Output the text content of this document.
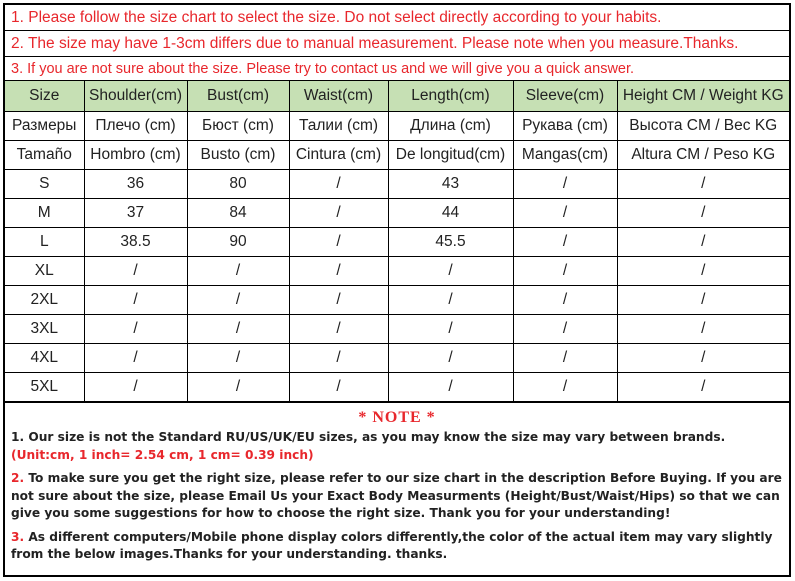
1. Please follow the size chart to select the size. Do not select directly according to your habits.
2. The size may have 1-3cm differs due to manual measurement. Please note when you measure.Thanks.
3. If you are not sure about the size. Please try to contact us and we will give you a quick answer.
Size	Shoulder(cm)	Bust(cm)	Waist(cm)	Length(cm)	Sleeve(cm)	Height CM / Weight KG
Размеры	Плечо (cm)	Бюст (cm)	Талии (cm)	Длина (cm)	Рукава (cm)	Высота CM / Вес KG
Tamaño	Hombro (cm)	Busto (cm)	Cintura (cm)	De longitud(cm)	Mangas(cm)	Altura CM / Peso KG
S	36	80	/	43	/	/
M	37	84	/	44	/	/
L	38.5	90	/	45.5	/	/
XL	/	/	/	/	/	/
2XL	/	/	/	/	/	/
3XL	/	/	/	/	/	/
4XL	/	/	/	/	/	/
5XL	/	/	/	/	/	/
* NOTE *

1. Our size is not the Standard RU/US/UK/EU sizes, as you may know the size may vary between brands.

(Unit:cm, 1 inch= 2.54 cm, 1 cm= 0.39 inch)

2. To make sure you get the right size, please refer to our size chart in the description Before Buying. If you are not sure about the size, please Email Us your Exact Body Measurments (Height/Bust/Waist/Hips) so that we can give you some suggestions for how to choose the right size. Thank you for your understanding!

3. As different computers/Mobile phone display colors differently,the color of the actual item may vary slightly from the below images.Thanks for your understanding. thanks.
